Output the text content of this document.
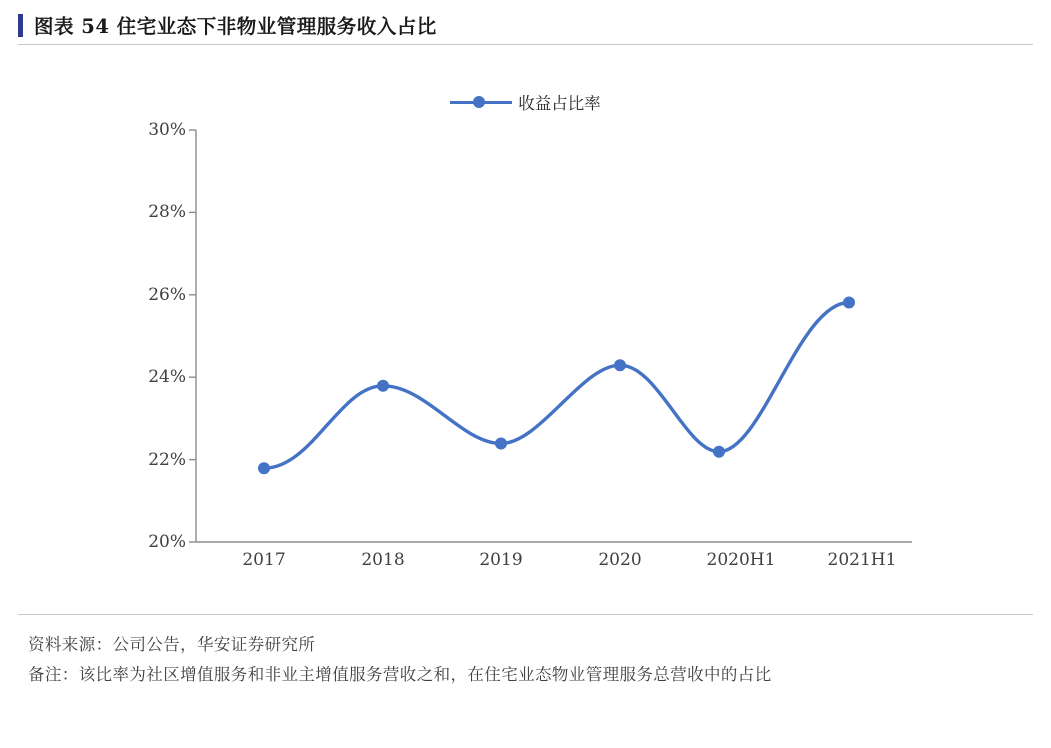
图表 54 住宅业态下非物业管理服务收入占比
收益占比率
20%
22%
24%
26%
28%
30%
2017	2018	2019	2020	2020H1	2021H1
资料来源：公司公告，华安证券研究所
备注：该比率为社区增值服务和非业主增值服务营收之和，在住宅业态物业管理服务总营收中的占比
